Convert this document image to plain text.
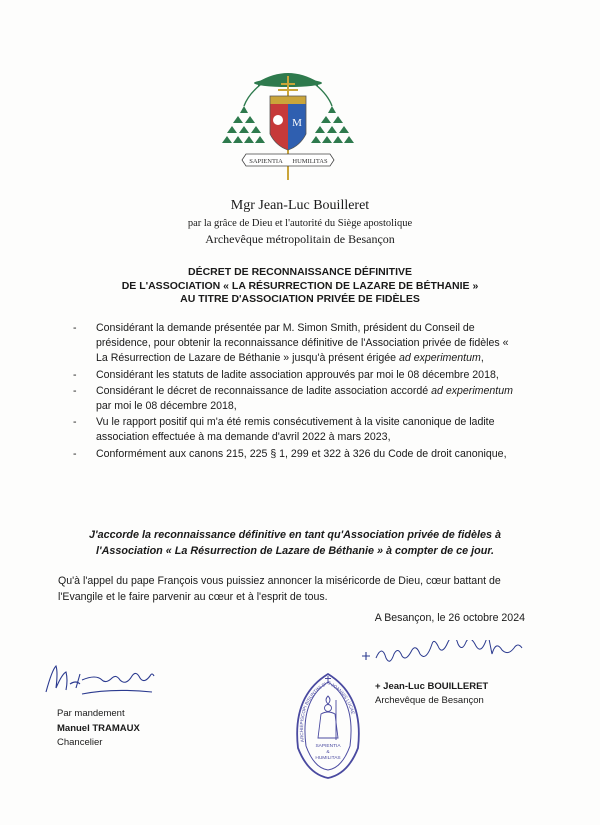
M
SAPIENTIA HUMILITAS

Mgr Jean-Luc Bouilleret

par la grâce de Dieu et l'autorité du Siège apostolique

Archevêque métropolitain de Besançon

DÉCRET DE RECONNAISSANCE DÉFINITIVE
DE L'ASSOCIATION « LA RÉSURRECTION DE LAZARE DE BÉTHANIE »
AU TITRE D'ASSOCIATION PRIVÉE DE FIDÈLES
- Considérant la demande présentée par M. Simon Smith, président du Conseil de présidence, pour obtenir la reconnaissance définitive de l'Association privée de fidèles « La Résurrection de Lazare de Béthanie » jusqu'à présent érigée ad experimentum,
- Considérant les statuts de ladite association approuvés par moi le 08 décembre 2018,
- Considérant le décret de reconnaissance de ladite association accordé ad experimentum par moi le 08 décembre 2018,
- Vu le rapport positif qui m'a été remis consécutivement à la visite canonique de ladite association effectuée à ma demande d'avril 2022 à mars 2023,
- Conformément aux canons 215, 225 § 1, 299 et 322 à 326 du Code de droit canonique,
J'accorde la reconnaissance définitive en tant qu'Association privée de fidèles à
l'Association « La Résurrection de Lazare de Béthanie » à compter de ce jour.
Qu'à l'appel du pape François vous puissiez annoncer la miséricorde de Dieu, cœur battant de l'Evangile et le faire parvenir au cœur et à l'esprit de tous.
A Besançon, le 26 octobre 2024
+ Jean-Luc BOUILLERET
Archevêque de Besançon
Par mandement
Manuel TRAMAUX
Chancelier	ARCHIEPISCOPI BISUNTINI SIG JOANNIS LUCAE
SAPIENTIA
&
HUMILITAS
